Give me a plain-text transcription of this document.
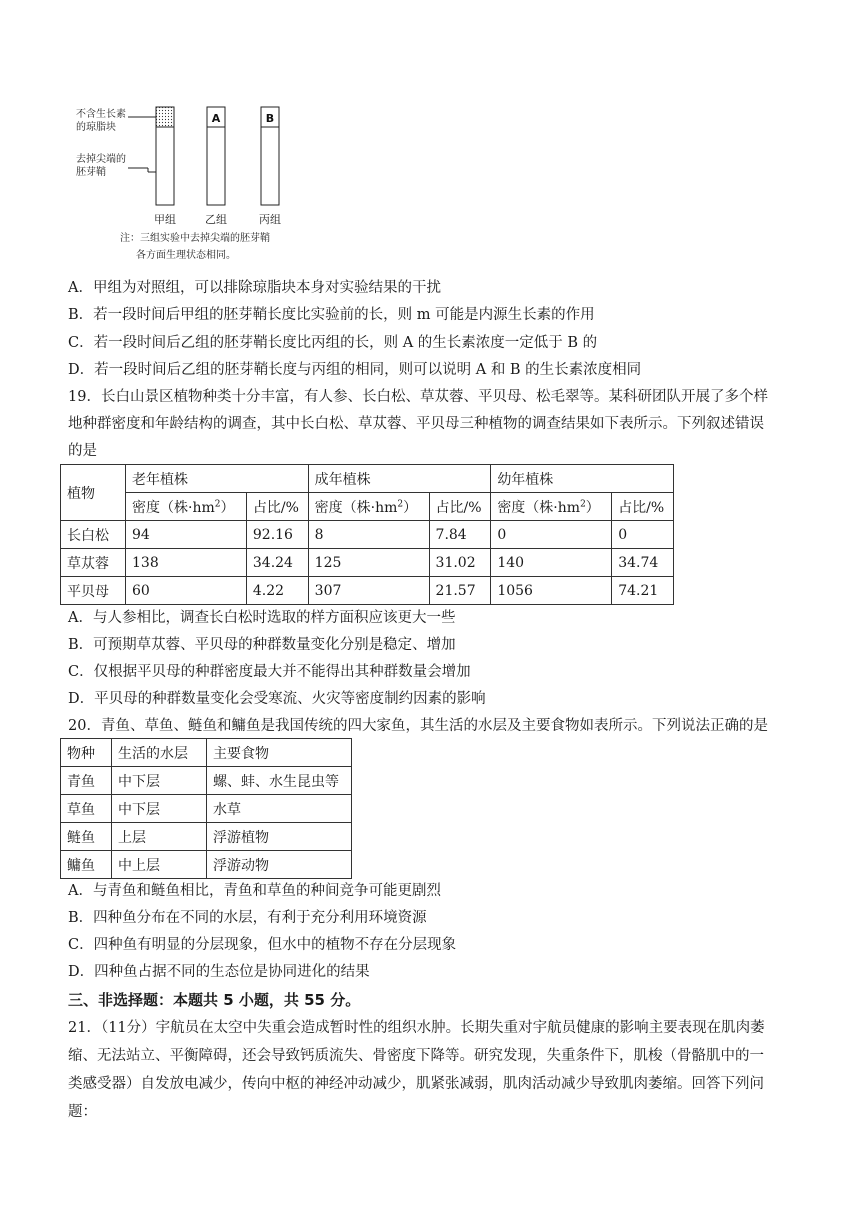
不含生长素
的琼脂块
去掉尖端的
胚芽鞘
A	B
甲组	乙组	丙组
注：三组实验中去掉尖端的胚芽鞘
各方面生理状态相同。
A．甲组为对照组，可以排除琼脂块本身对实验结果的干扰
B．若一段时间后甲组的胚芽鞘长度比实验前的长，则 m 可能是内源生长素的作用
C．若一段时间后乙组的胚芽鞘长度比丙组的长，则 A 的生长素浓度一定低于 B 的
D．若一段时间后乙组的胚芽鞘长度与丙组的相同，则可以说明 A 和 B 的生长素浓度相同
19．长白山景区植物种类十分丰富，有人参、长白松、草苁蓉、平贝母、松毛翠等。某科研团队开展了多个样
地种群密度和年龄结构的调查，其中长白松、草苁蓉、平贝母三种植物的调查结果如下表所示。下列叙述错误
的是
植物	老年植株		成年植株		幼年植株	
	密度（株$\cdot hm^2$）	占比/%	密度（株$\cdot hm^2$）	占比/%	密度（株$\cdot hm^2$）	占比/%
长白松	94	92.16	8	7.84	0	0
草苁蓉	138	34.24	125	31.02	140	34.74
平贝母	60	4.22	307	21.57	1056	74.21
A．与人参相比，调查长白松时选取的样方面积应该更大一些
B．可预期草苁蓉、平贝母的种群数量变化分别是稳定、增加
C．仅根据平贝母的种群密度最大并不能得出其种群数量会增加
D．平贝母的种群数量变化会受寒流、火灾等密度制约因素的影响
20．青鱼、草鱼、鲢鱼和鳙鱼是我国传统的四大家鱼，其生活的水层及主要食物如表所示。下列说法正确的是
物种	生活的水层	主要食物
青鱼	中下层	螺、蚌、水生昆虫等
草鱼	中下层	水草
鲢鱼	上层	浮游植物
鳙鱼	中上层	浮游动物
A．与青鱼和鲢鱼相比，青鱼和草鱼的种间竞争可能更剧烈
B．四种鱼分布在不同的水层，有利于充分利用环境资源
C．四种鱼有明显的分层现象，但水中的植物不存在分层现象
D．四种鱼占据不同的生态位是协同进化的结果
三、非选择题：本题共 5 小题，共 55 分。
21．（11分）宇航员在太空中失重会造成暂时性的组织水肿。长期失重对宇航员健康的影响主要表现在肌肉萎
缩、无法站立、平衡障碍，还会导致钙质流失、骨密度下降等。研究发现，失重条件下，肌梭（骨骼肌中的一
类感受器）自发放电减少，传向中枢的神经冲动减少，肌紧张减弱，肌肉活动减少导致肌肉萎缩。回答下列问
题：
